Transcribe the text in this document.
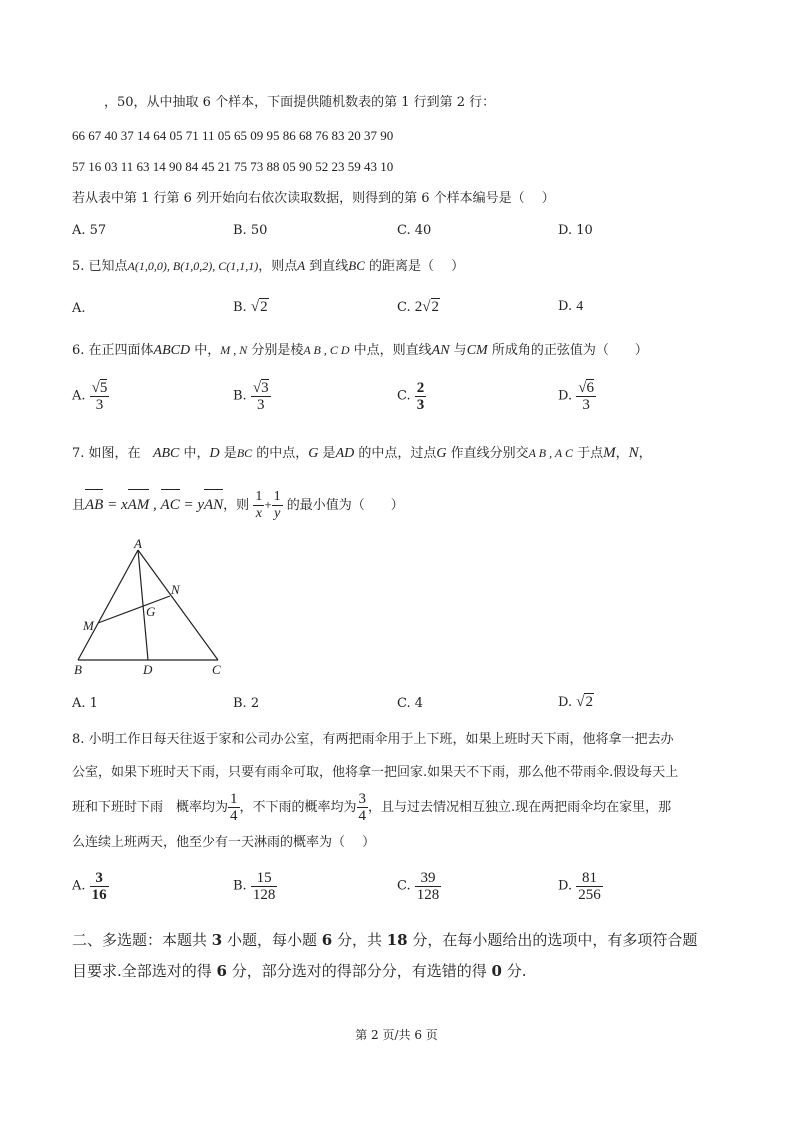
，50，从中抽取 6 个样本，下面提供随机数表的第 1 行到第 2 行：
66 67 40 37 14 64 05 71 11 05 65 09 95 86 68 76 83 20 37 90
57 16 03 11 63 14 90 84 45 21 75 73 88 05 90 52 23 59 43 10
若从表中第 1 行第 6 列开始向右依次读取数据，则得到的第 6 个样本编号是（　 ）
A. 57	B. 50	C. 40	D. 10
5. 已知点A(1,0,0), B(1,0,2), C(1,1,1)，则点A 到直线BC 的距离是（　 ）
A.	B. √2	C. 2√2	D. 4
6. 在正四面体ABCD 中，M , N 分别是棱A B , C D 中点，则直线AN 与CM 所成角的正弦值为（　　）
A. $\frac{√5}{3}$	B. $\frac{√3}{3}$	C. $\frac{2}{3}$	D. $\frac{√6}{3}$
7. 如图，在 ABC 中，D 是BC 的中点，G 是AD 的中点，过点G 作直线分别交A B , A C 于点M，N，
且AB = xAM , AC = yAN，则 $\frac{1}{x} + \frac{1}{y}$ 的最小值为（　　）
A
B	C
D
G
M
N
A. 1	B. 2	C. 4	D. √2
8. 小明工作日每天往返于家和公司办公室，有两把雨伞用于上下班，如果上班时天下雨，他将拿一把去办
公室，如果下班时天下雨，只要有雨伞可取，他将拿一把回家.如果天不下雨，那么他不带雨伞.假设每天上
班和下班时下雨　概率均为 $\frac{1}{4}$ ，不下雨的概率均为 $\frac{3}{4}$ ，且与过去情况相互独立.现在两把雨伞均在家里，那
么连续上班两天，他至少有一天淋雨的概率为（　 ）
A. $\frac{3}{16}$	B. $\frac{15}{128}$	C. $\frac{39}{128}$	D. $\frac{81}{256}$
二、多选题：本题共 3 小题，每小题 6 分，共 18 分，在每小题给出的选项中，有多项符合题
目要求.全部选对的得 6 分，部分选对的得部分分，有选错的得 0 分.
第 2 页/共 6 页
